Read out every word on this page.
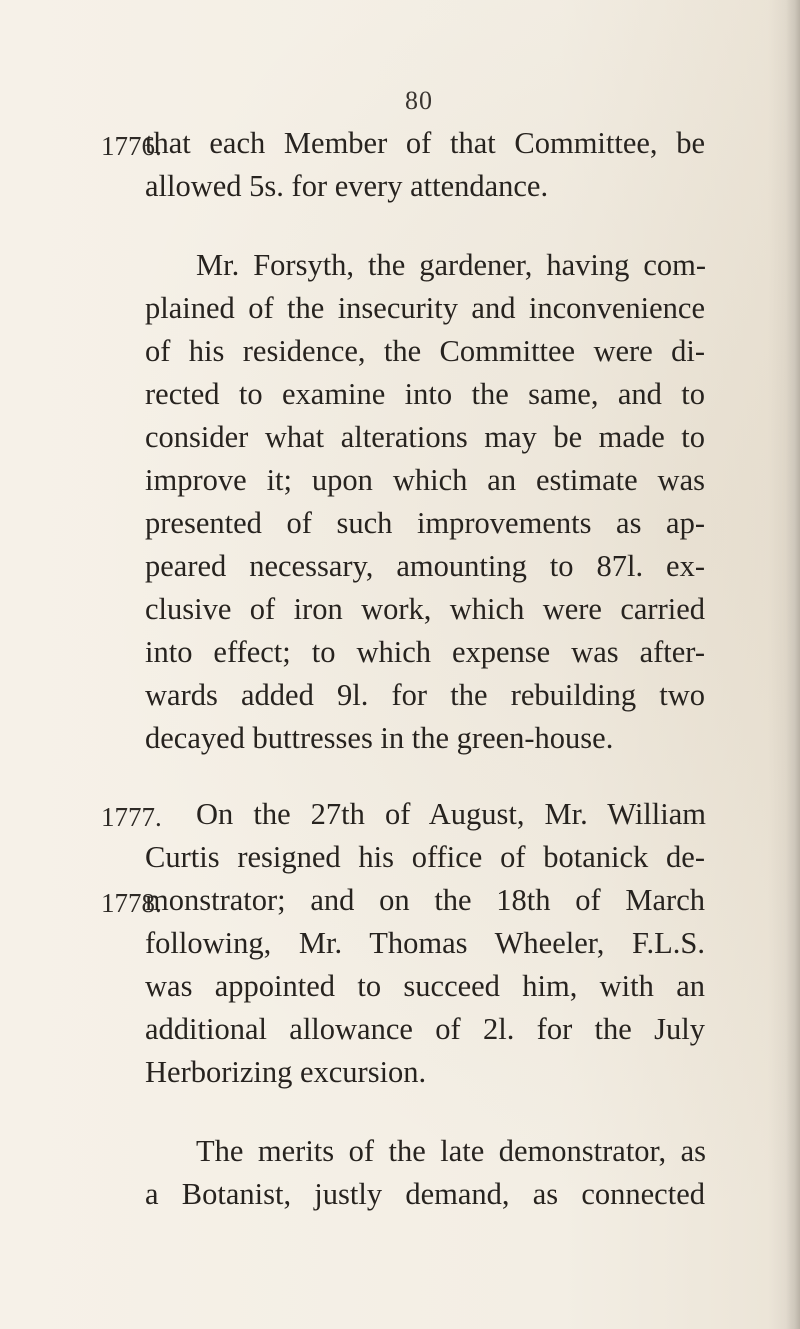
80
1776.
that each Member of that Committee, be
allowed 5s. for every attendance.
Mr. Forsyth, the gardener, having com-
plained of the insecurity and inconvenience
of his residence, the Committee were di-
rected to examine into the same, and to
consider what alterations may be made to
improve it; upon which an estimate was
presented of such improvements as ap-
peared necessary, amounting to 87l. ex-
clusive of iron work, which were carried
into effect; to which expense was after-
wards added 9l. for the rebuilding two
decayed buttresses in the green-house.
1777.
1778.
On the 27th of August, Mr. William
Curtis resigned his office of botanick de-
monstrator; and on the 18th of March
following, Mr. Thomas Wheeler, F.L.S.
was appointed to succeed him, with an
additional allowance of 2l. for the July
Herborizing excursion.
The merits of the late demonstrator, as
a Botanist, justly demand, as connected
